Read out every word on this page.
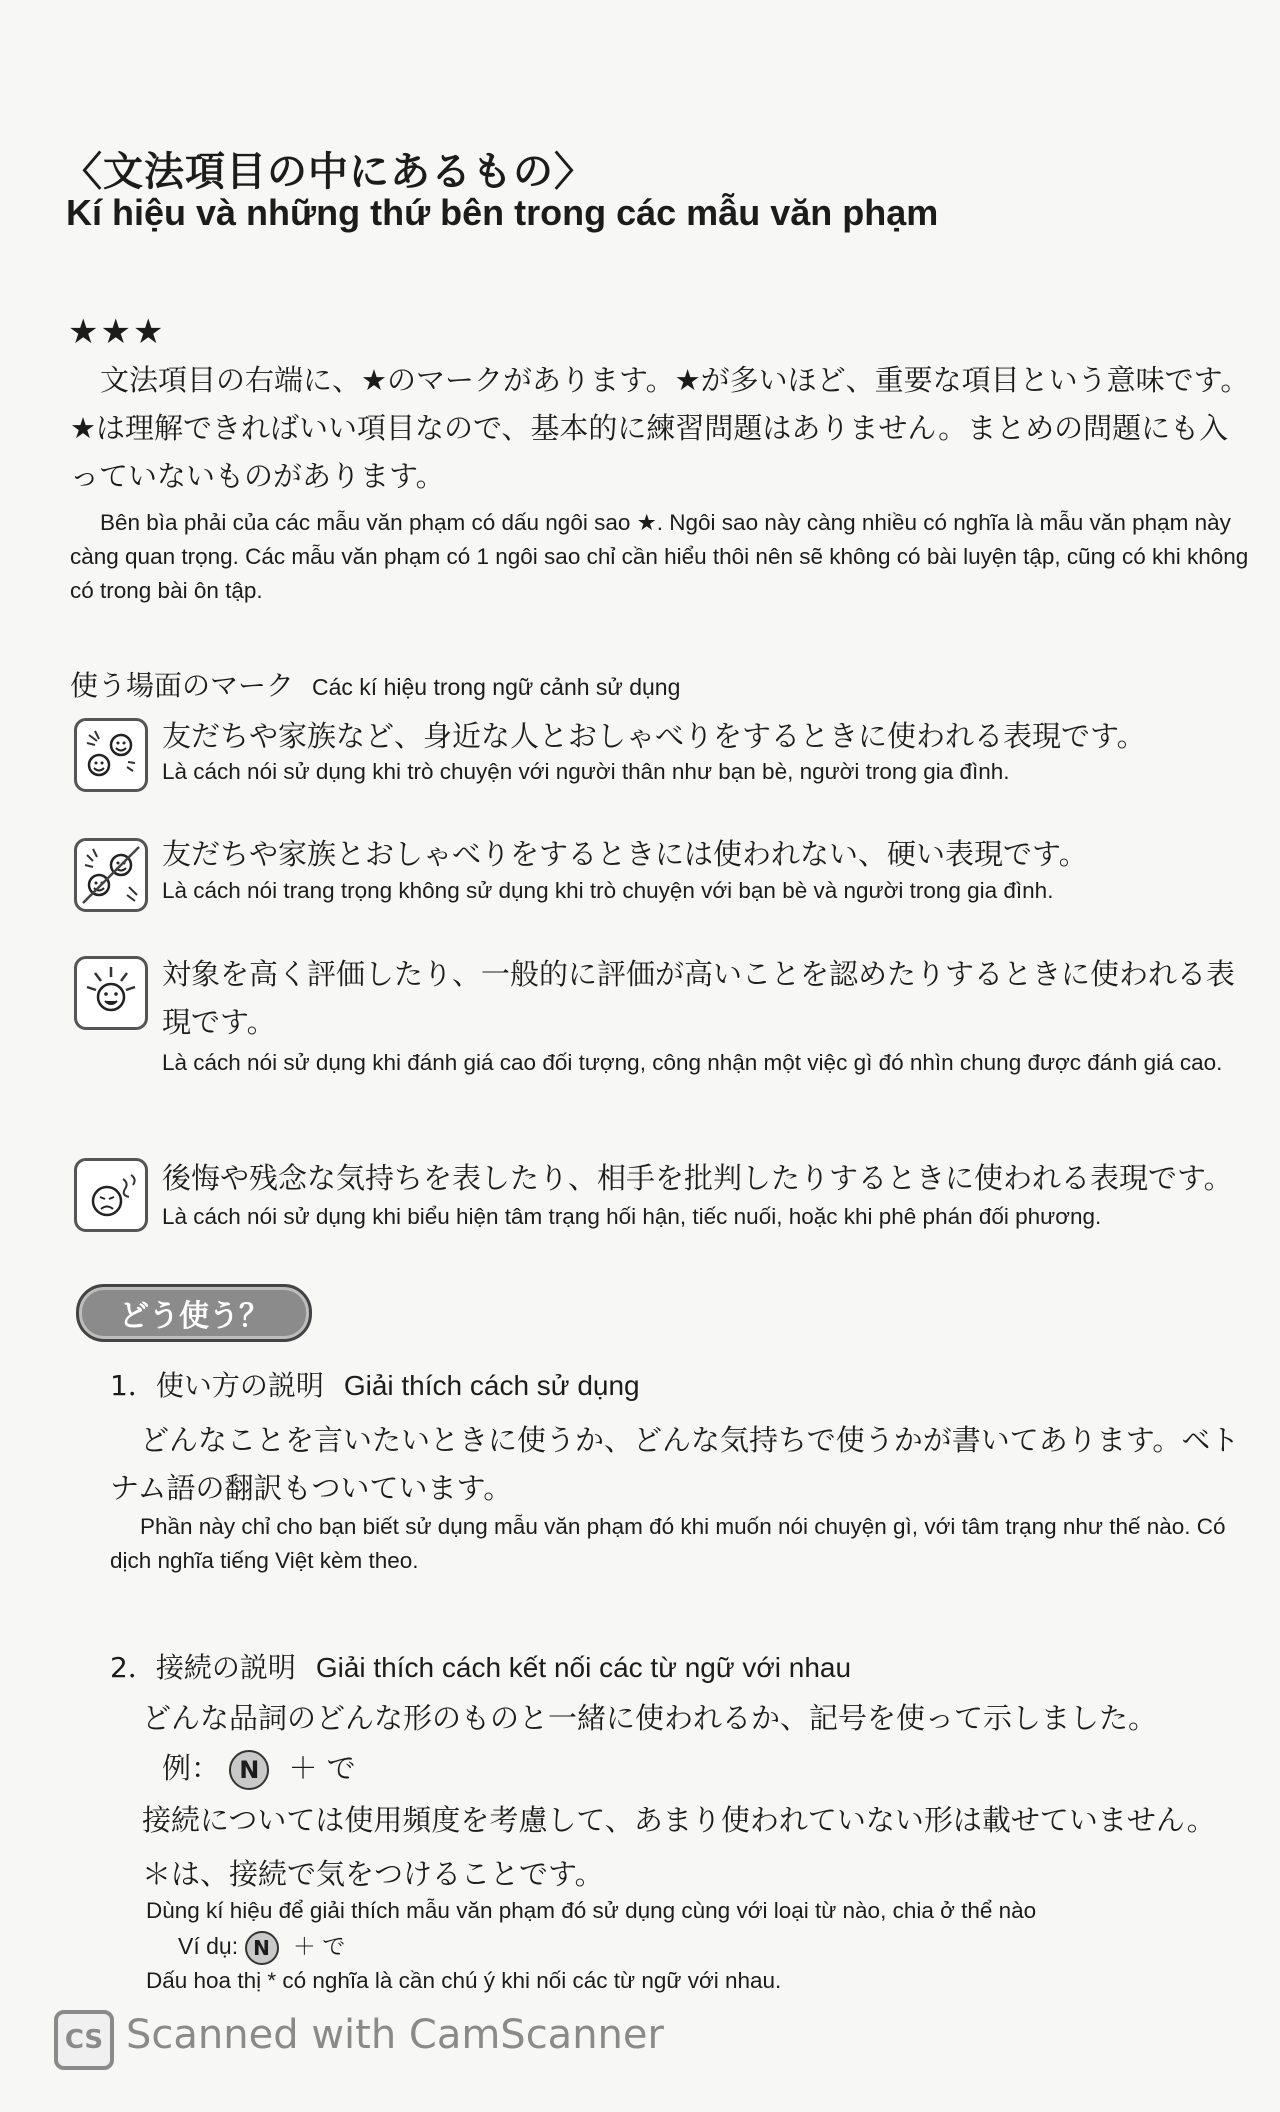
〈文法項目の中にあるもの〉
Kí hiệu và những thứ bên trong các mẫu văn phạm
★★★
文法項目の右端に、★のマークがあります。★が多いほど、重要な項目という意味です。★は理解できればいい項目なので、基本的に練習問題はありません。まとめの問題にも入っていないものがあります。
Bên bìa phải của các mẫu văn phạm có dấu ngôi sao ★. Ngôi sao này càng nhiều có nghĩa là mẫu văn phạm này càng quan trọng. Các mẫu văn phạm có 1 ngôi sao chỉ cần hiểu thôi nên sẽ không có bài luyện tập, cũng có khi không có trong bài ôn tập.
使う場面のマーク Các kí hiệu trong ngữ cảnh sử dụng
友だちや家族など、身近な人とおしゃべりをするときに使われる表現です。
Là cách nói sử dụng khi trò chuyện với người thân như bạn bè, người trong gia đình.
友だちや家族とおしゃべりをするときには使われない、硬い表現です。
Là cách nói trang trọng không sử dụng khi trò chuyện với bạn bè và người trong gia đình.
対象を高く評価したり、一般的に評価が高いことを認めたりするときに使われる表現です。
Là cách nói sử dụng khi đánh giá cao đối tượng, công nhận một việc gì đó nhìn chung được đánh giá cao.
後悔や残念な気持ちを表したり、相手を批判したりするときに使われる表現です。
Là cách nói sử dụng khi biểu hiện tâm trạng hối hận, tiếc nuối, hoặc khi phê phán đối phương.
どう使う？
1．使い方の説明 Giải thích cách sử dụng
どんなことを言いたいときに使うか、どんな気持ちで使うかが書いてあります。ベトナム語の翻訳もついています。
Phần này chỉ cho bạn biết sử dụng mẫu văn phạm đó khi muốn nói chuyện gì, với tâm trạng như thế nào. Có dịch nghĩa tiếng Việt kèm theo.
2．接続の説明 Giải thích cách kết nối các từ ngữ với nhau
どんな品詞のどんな形のものと一緒に使われるか、記号を使って示しました。
例： N ＋ で
接続については使用頻度を考慮して、あまり使われていない形は載せていません。
＊は、接続で気をつけることです。
Dùng kí hiệu để giải thích mẫu văn phạm đó sử dụng cùng với loại từ nào, chia ở thể nào
Ví dụ: N ＋ で
Dấu hoa thị * có nghĩa là cần chú ý khi nối các từ ngữ với nhau.
CS Scanned with CamScanner
